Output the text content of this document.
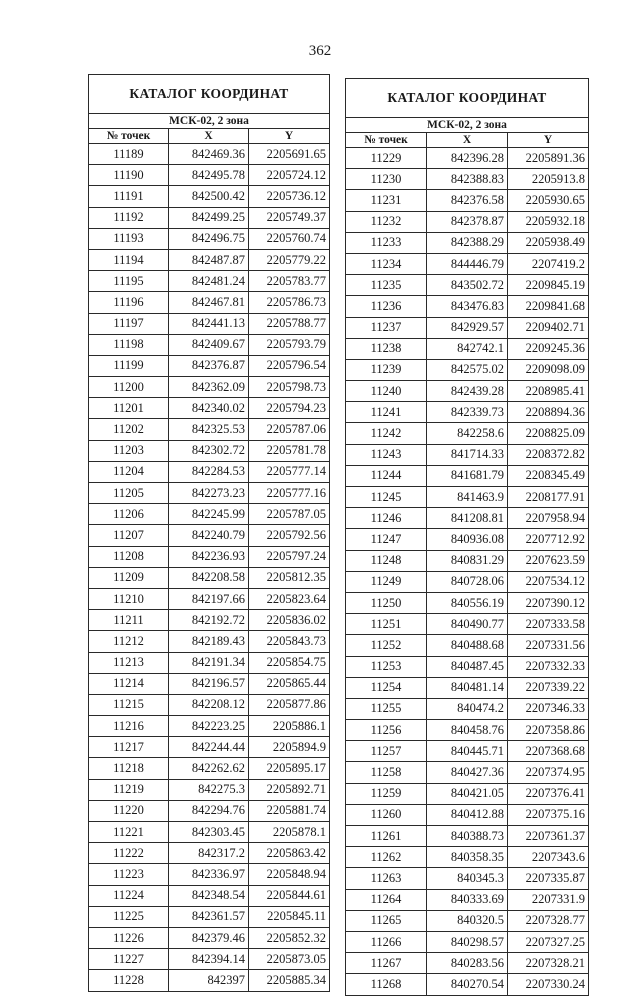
362
КАТАЛОГ КООРДИНАТ		
МСК-02, 2 зона		
№ точек	X	Y
11189	842469.36	2205691.65
11190	842495.78	2205724.12
11191	842500.42	2205736.12
11192	842499.25	2205749.37
11193	842496.75	2205760.74
11194	842487.87	2205779.22
11195	842481.24	2205783.77
11196	842467.81	2205786.73
11197	842441.13	2205788.77
11198	842409.67	2205793.79
11199	842376.87	2205796.54
11200	842362.09	2205798.73
11201	842340.02	2205794.23
11202	842325.53	2205787.06
11203	842302.72	2205781.78
11204	842284.53	2205777.14
11205	842273.23	2205777.16
11206	842245.99	2205787.05
11207	842240.79	2205792.56
11208	842236.93	2205797.24
11209	842208.58	2205812.35
11210	842197.66	2205823.64
11211	842192.72	2205836.02
11212	842189.43	2205843.73
11213	842191.34	2205854.75
11214	842196.57	2205865.44
11215	842208.12	2205877.86
11216	842223.25	2205886.1
11217	842244.44	2205894.9
11218	842262.62	2205895.17
11219	842275.3	2205892.71
11220	842294.76	2205881.74
11221	842303.45	2205878.1
11222	842317.2	2205863.42
11223	842336.97	2205848.94
11224	842348.54	2205844.61
11225	842361.57	2205845.11
11226	842379.46	2205852.32
11227	842394.14	2205873.05
11228	842397	2205885.34
КАТАЛОГ КООРДИНАТ		
МСК-02, 2 зона		
№ точек	X	Y
11229	842396.28	2205891.36
11230	842388.83	2205913.8
11231	842376.58	2205930.65
11232	842378.87	2205932.18
11233	842388.29	2205938.49
11234	844446.79	2207419.2
11235	843502.72	2209845.19
11236	843476.83	2209841.68
11237	842929.57	2209402.71
11238	842742.1	2209245.36
11239	842575.02	2209098.09
11240	842439.28	2208985.41
11241	842339.73	2208894.36
11242	842258.6	2208825.09
11243	841714.33	2208372.82
11244	841681.79	2208345.49
11245	841463.9	2208177.91
11246	841208.81	2207958.94
11247	840936.08	2207712.92
11248	840831.29	2207623.59
11249	840728.06	2207534.12
11250	840556.19	2207390.12
11251	840490.77	2207333.58
11252	840488.68	2207331.56
11253	840487.45	2207332.33
11254	840481.14	2207339.22
11255	840474.2	2207346.33
11256	840458.76	2207358.86
11257	840445.71	2207368.68
11258	840427.36	2207374.95
11259	840421.05	2207376.41
11260	840412.88	2207375.16
11261	840388.73	2207361.37
11262	840358.35	2207343.6
11263	840345.3	2207335.87
11264	840333.69	2207331.9
11265	840320.5	2207328.77
11266	840298.57	2207327.25
11267	840283.56	2207328.21
11268	840270.54	2207330.24
